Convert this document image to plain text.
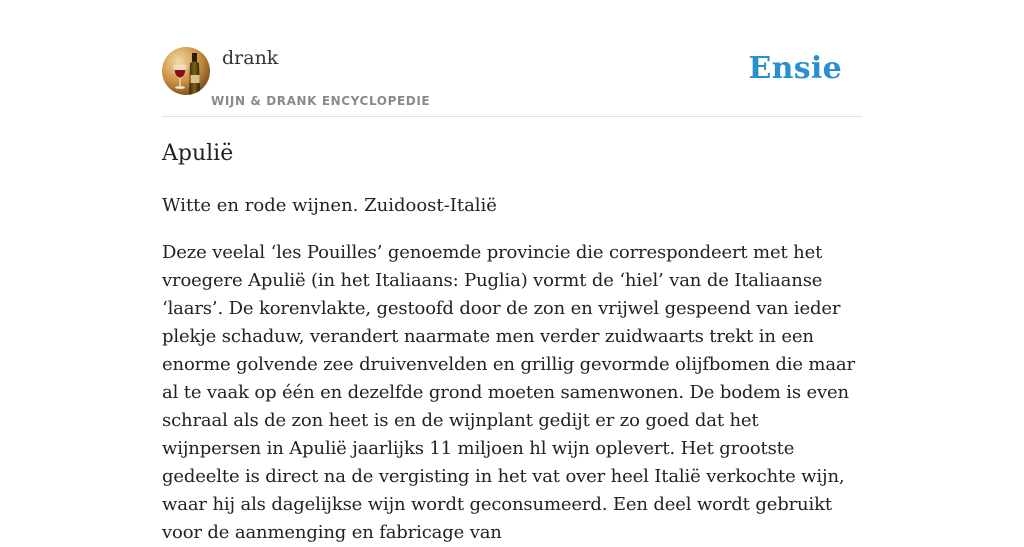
drank
WIJN & DRANK ENCYCLOPEDIE
Ensie
Apulië

Witte en rode wijnen. Zuidoost-Italië

Deze veelal ‘les Pouilles’ genoemde provincie die correspondeert met het vroegere Apulië (in het Italiaans: Puglia) vormt de ‘hiel’ van de Italiaanse ‘laars’. De korenvlakte, gestoofd door de zon en vrijwel gespeend van ieder plekje schaduw, verandert naarmate men verder zuidwaarts trekt in een enorme golvende zee druivenvelden en grillig gevormde olijfbomen die maar al te vaak op één en dezelfde grond moeten samenwonen. De bodem is even schraal als de zon heet is en de wijnplant gedijt er zo goed dat het wijnpersen in Apulië jaarlijks 11 miljoen hl wijn oplevert. Het grootste gedeelte is direct na de vergisting in het vat over heel Italië verkochte wijn, waar hij als dagelijkse wijn wordt geconsumeerd. Een deel wordt gebruikt voor de aanmenging en fabricage van
